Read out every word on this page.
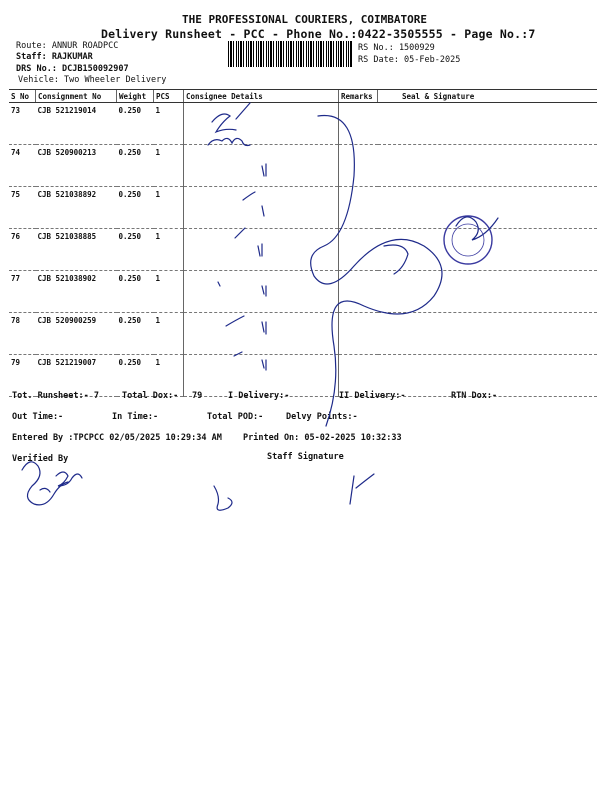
THE PROFESSIONAL COURIERS, COIMBATORE
Delivery Runsheet - PCC - Phone No.:0422-3505555 - Page No.:7
Route: ANNUR ROADPCC
Staff: RAJKUMAR
DRS No.: DCJB150092907
Vehicle: Two Wheeler Delivery
RS No.: 1500929
RS Date: 05-Feb-2025
S No	Consignment No	Weight	PCS	Consignee Details	Remarks	Seal & Signature
73	CJB 521219014	0.250	1			
74	CJB 520900213	0.250	1			
75	CJB 521038892	0.250	1			
76	CJB 521038885	0.250	1			
77	CJB 521038902	0.250	1			
78	CJB 520900259	0.250	1			
79	CJB 521219007	0.250	1			
Tot. Runsheet:- 7	Total Dox:- 79	I Delivery:-	II Delivery:-	RTN Dox:-
Out Time:-	In Time:-	Total POD:-	Delvy Points:-
Entered By :TPCPCC 02/05/2025 10:29:34 AM Printed On: 05-02-2025 10:32:33
Verified By	Staff Signature
